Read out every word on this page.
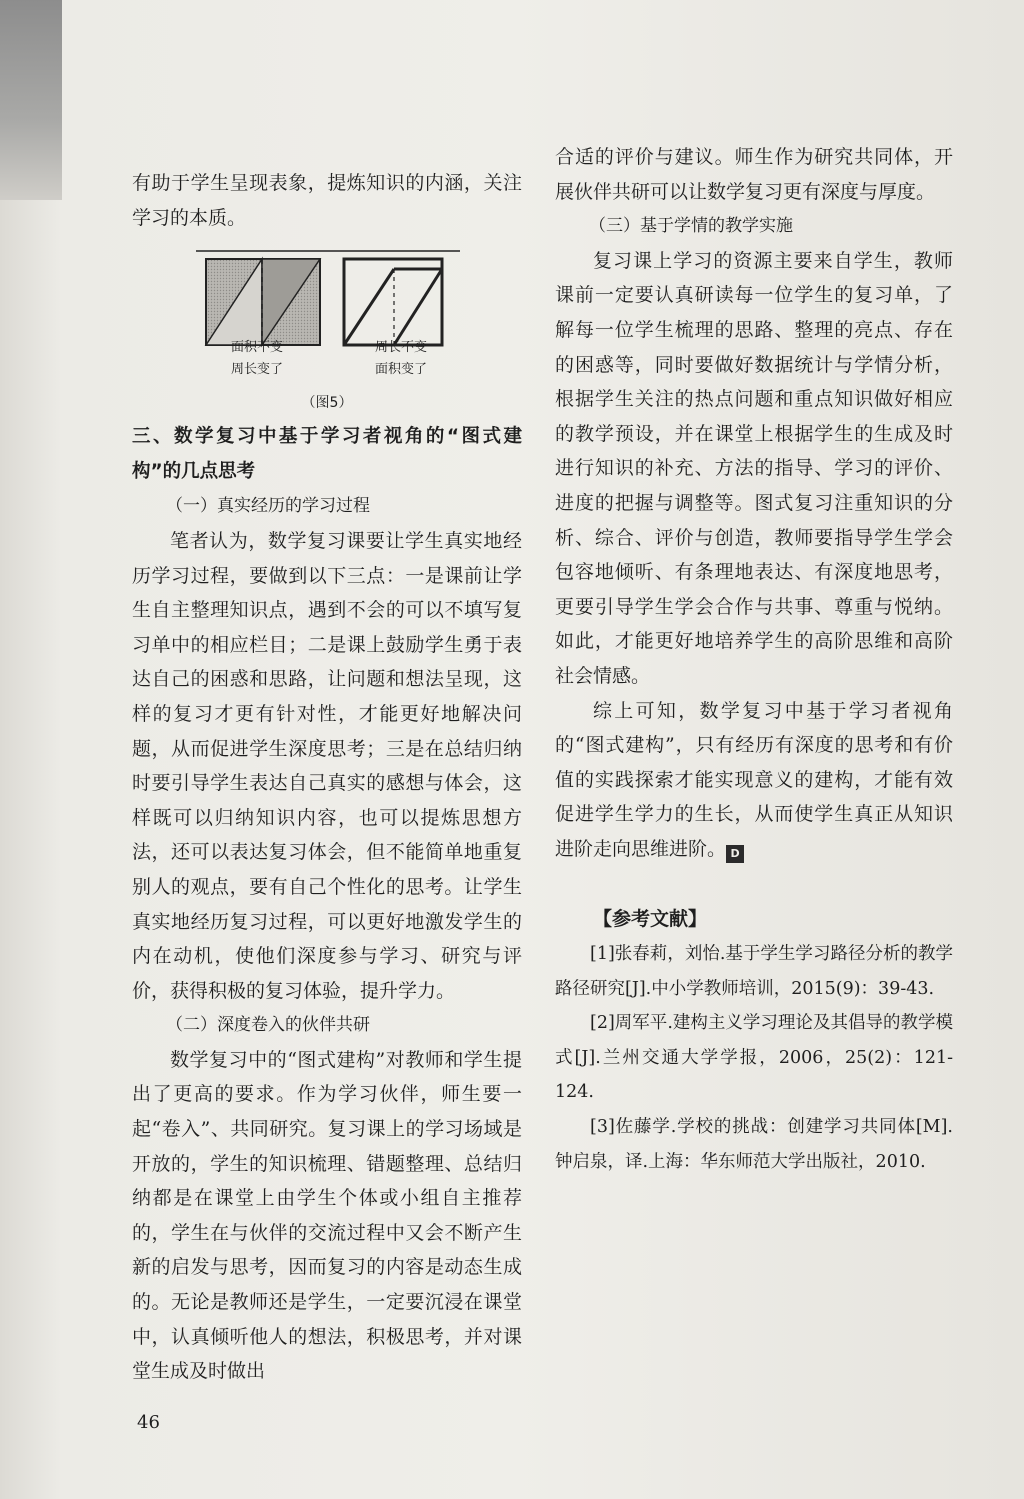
有助于学生呈现表象，提炼知识的内涵，关注学习的本质。

面积不变
周长变了
周长不变
面积变了
（图5）

三、数学复习中基于学习者视角的“图式建构”的几点思考

（一）真实经历的学习过程

笔者认为，数学复习课要让学生真实地经历学习过程，要做到以下三点：一是课前让学生自主整理知识点，遇到不会的可以不填写复习单中的相应栏目；二是课上鼓励学生勇于表达自己的困惑和思路，让问题和想法呈现，这样的复习才更有针对性，才能更好地解决问题，从而促进学生深度思考；三是在总结归纳时要引导学生表达自己真实的感想与体会，这样既可以归纳知识内容，也可以提炼思想方法，还可以表达复习体会，但不能简单地重复别人的观点，要有自己个性化的思考。让学生真实地经历复习过程，可以更好地激发学生的内在动机，使他们深度参与学习、研究与评价，获得积极的复习体验，提升学力。

（二）深度卷入的伙伴共研

数学复习中的“图式建构”对教师和学生提出了更高的要求。作为学习伙伴，师生要一起“卷入”、共同研究。复习课上的学习场域是开放的，学生的知识梳理、错题整理、总结归纳都是在课堂上由学生个体或小组自主推荐的，学生在与伙伴的交流过程中又会不断产生新的启发与思考，因而复习的内容是动态生成的。无论是教师还是学生，一定要沉浸在课堂中，认真倾听他人的想法，积极思考，并对课堂生成及时做出

合适的评价与建议。师生作为研究共同体，开展伙伴共研可以让数学复习更有深度与厚度。

（三）基于学情的教学实施

复习课上学习的资源主要来自学生，教师课前一定要认真研读每一位学生的复习单，了解每一位学生梳理的思路、整理的亮点、存在的困惑等，同时要做好数据统计与学情分析，根据学生关注的热点问题和重点知识做好相应的教学预设，并在课堂上根据学生的生成及时进行知识的补充、方法的指导、学习的评价、进度的把握与调整等。图式复习注重知识的分析、综合、评价与创造，教师要指导学生学会包容地倾听、有条理地表达、有深度地思考，更要引导学生学会合作与共事、尊重与悦纳。如此，才能更好地培养学生的高阶思维和高阶社会情感。

综上可知，数学复习中基于学习者视角的“图式建构”，只有经历有深度的思考和有价值的实践探索才能实现意义的建构，才能有效促进学生学力的生长，从而使学生真正从知识进阶走向思维进阶。 D

【参考文献】

[1]张春莉，刘怡.基于学生学习路径分析的教学路径研究[J].中小学教师培训，2015(9)：39-43.

[2]周军平.建构主义学习理论及其倡导的教学模式[J].兰州交通大学学报，2006，25(2)：121-124.

[3]佐藤学.学校的挑战：创建学习共同体[M].钟启泉，译.上海：华东师范大学出版社，2010.

46
